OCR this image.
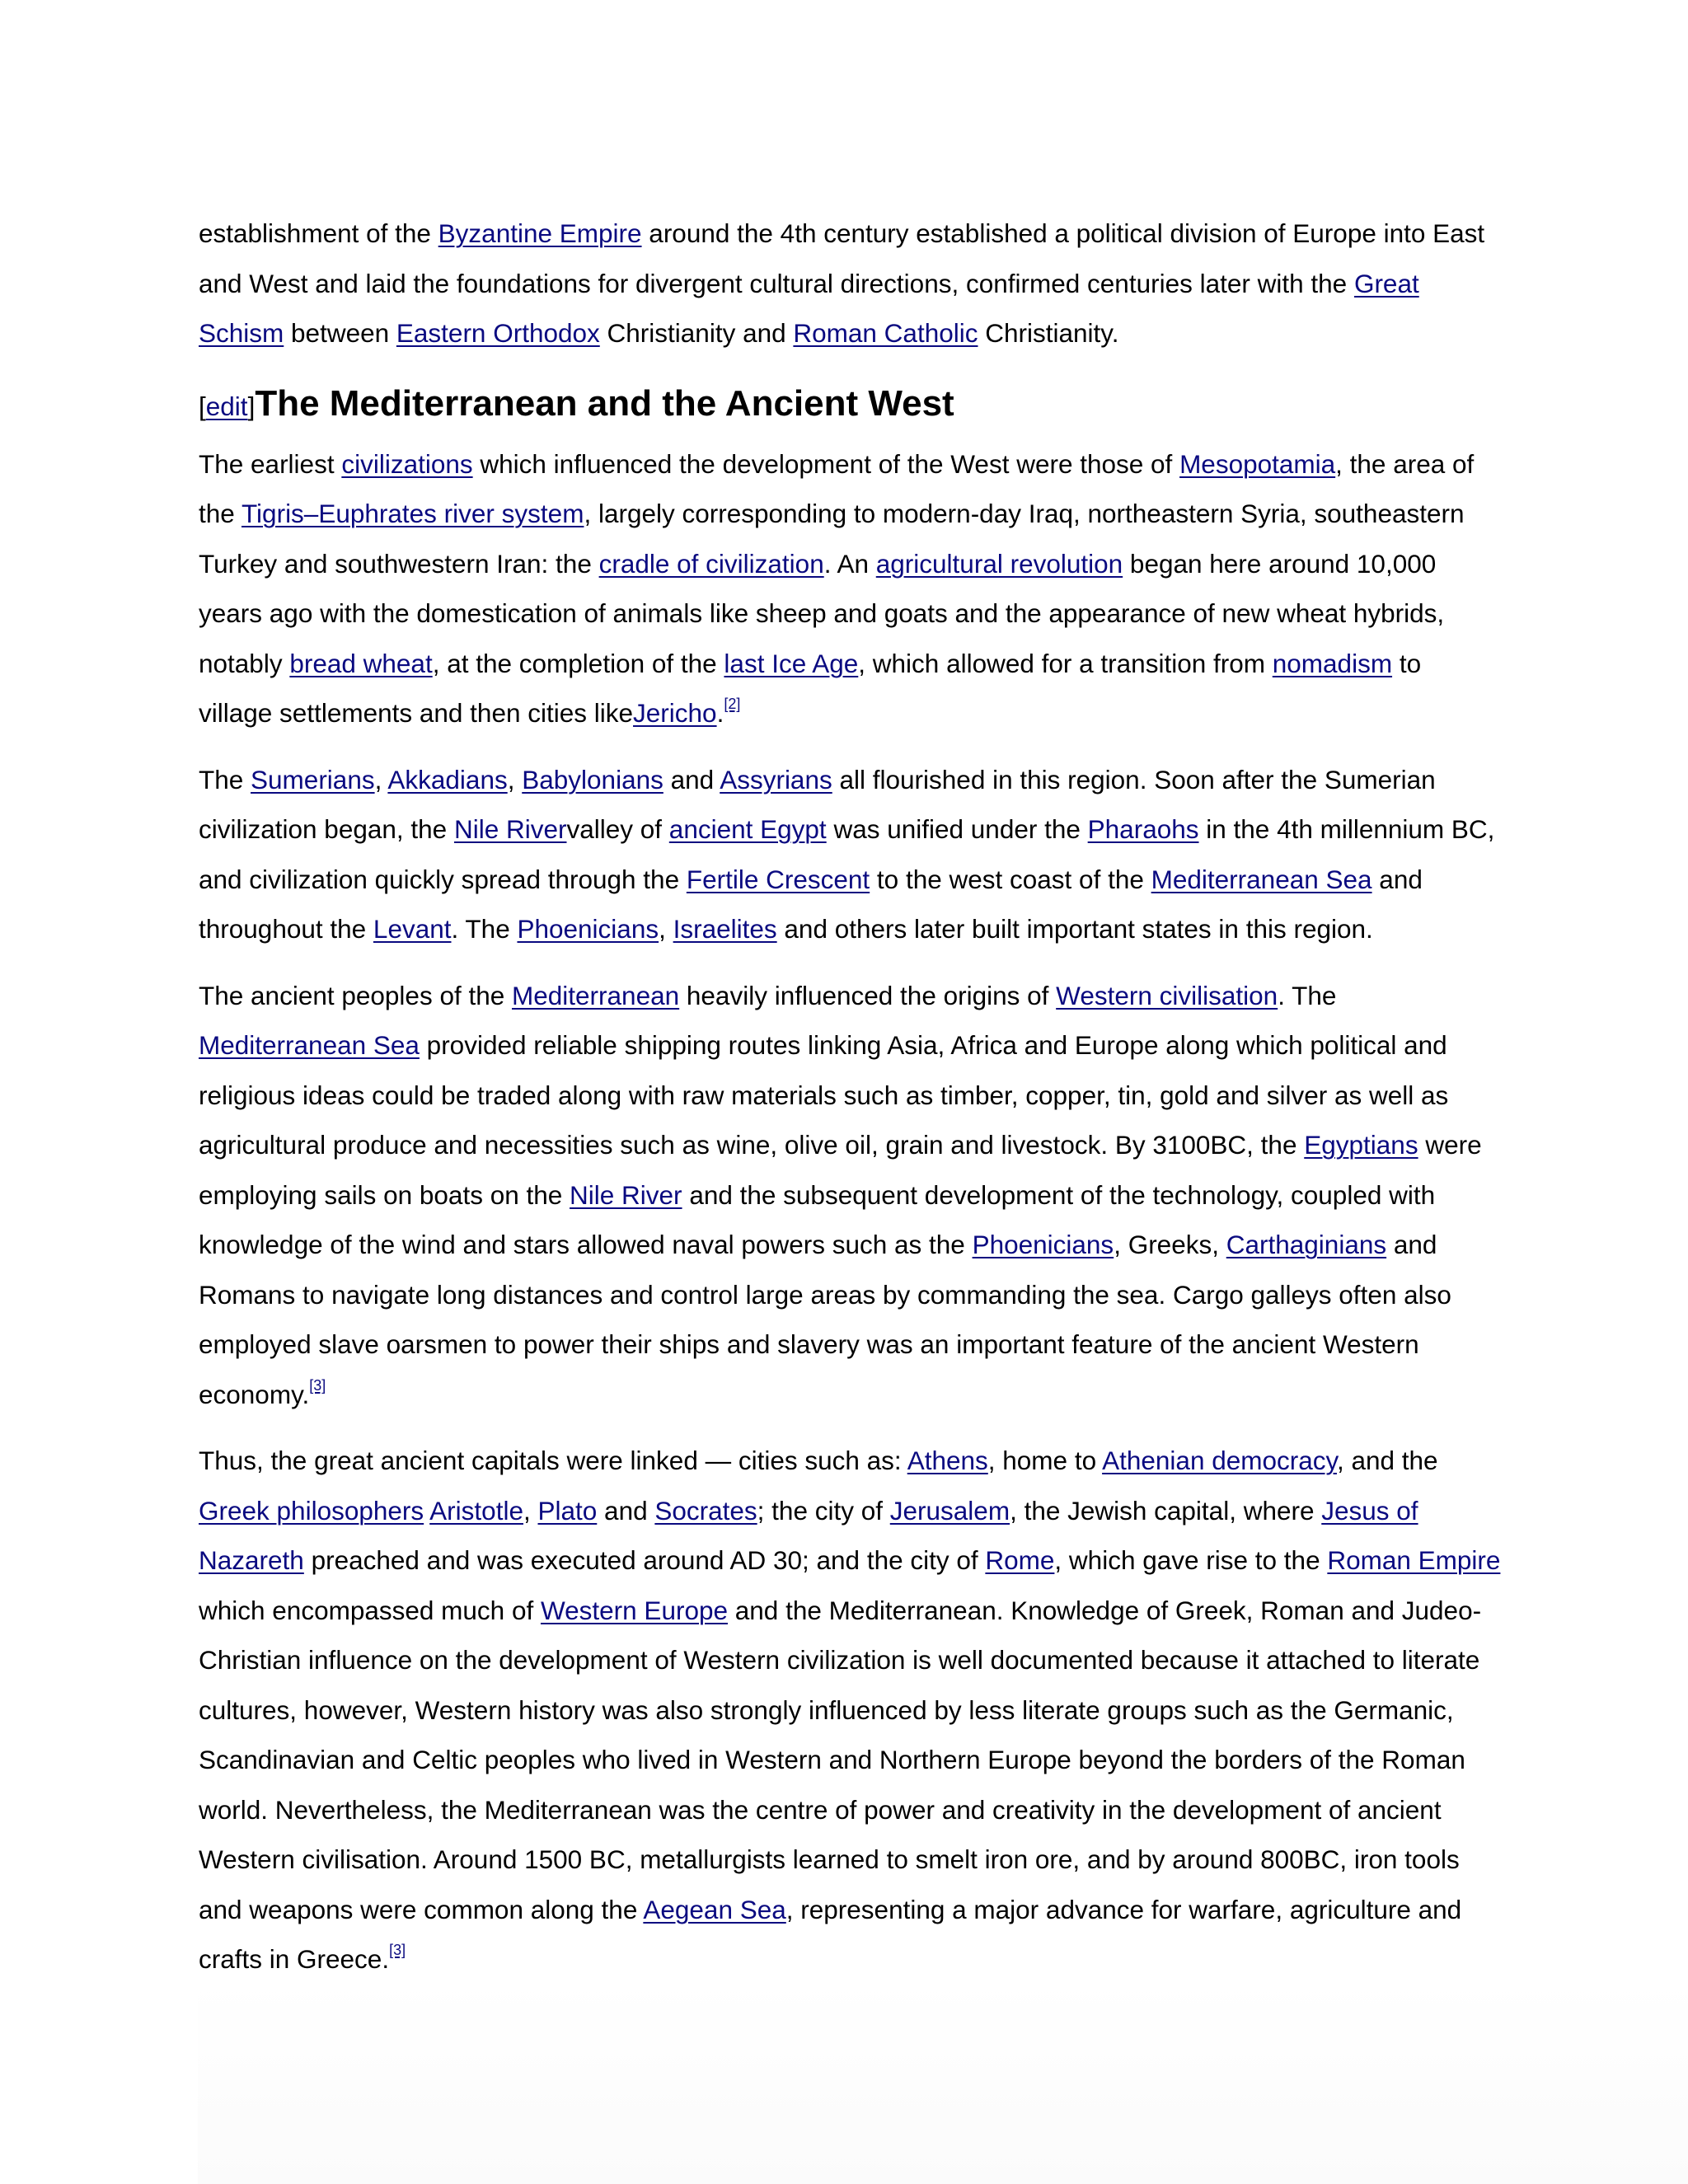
establishment of the Byzantine Empire around the 4th century established a political division of Europe into East and West and laid the foundations for divergent cultural directions, confirmed centuries later with the Great Schism between Eastern Orthodox Christianity and Roman Catholic Christianity.

[edit]The Mediterranean and the Ancient West

The earliest civilizations which influenced the development of the West were those of Mesopotamia, the area of the Tigris–Euphrates river system, largely corresponding to modern-day Iraq, northeastern Syria, southeastern Turkey and southwestern Iran: the cradle of civilization. An agricultural revolution began here around 10,000 years ago with the domestication of animals like sheep and goats and the appearance of new wheat hybrids, notably bread wheat, at the completion of the last Ice Age, which allowed for a transition from nomadism to village settlements and then cities likeJericho.[2]

The Sumerians, Akkadians, Babylonians and Assyrians all flourished in this region. Soon after the Sumerian civilization began, the Nile Rivervalley of ancient Egypt was unified under the Pharaohs in the 4th millennium BC, and civilization quickly spread through the Fertile Crescent to the west coast of the Mediterranean Sea and throughout the Levant. The Phoenicians, Israelites and others later built important states in this region.

The ancient peoples of the Mediterranean heavily influenced the origins of Western civilisation. The Mediterranean Sea provided reliable shipping routes linking Asia, Africa and Europe along which political and religious ideas could be traded along with raw materials such as timber, copper, tin, gold and silver as well as agricultural produce and necessities such as wine, olive oil, grain and livestock. By 3100BC, the Egyptians were employing sails on boats on the Nile River and the subsequent development of the technology, coupled with knowledge of the wind and stars allowed naval powers such as the Phoenicians, Greeks, Carthaginians and Romans to navigate long distances and control large areas by commanding the sea. Cargo galleys often also employed slave oarsmen to power their ships and slavery was an important feature of the ancient Western economy.[3]

Thus, the great ancient capitals were linked — cities such as: Athens, home to Athenian democracy, and the Greek philosophers Aristotle, Plato and Socrates; the city of Jerusalem, the Jewish capital, where Jesus of Nazareth preached and was executed around AD 30; and the city of Rome, which gave rise to the Roman Empire which encompassed much of Western Europe and the Mediterranean. Knowledge of Greek, Roman and Judeo-Christian influence on the development of Western civilization is well documented because it attached to literate cultures, however, Western history was also strongly influenced by less literate groups such as the Germanic, Scandinavian and Celtic peoples who lived in Western and Northern Europe beyond the borders of the Roman world. Nevertheless, the Mediterranean was the centre of power and creativity in the development of ancient Western civilisation. Around 1500 BC, metallurgists learned to smelt iron ore, and by around 800BC, iron tools and weapons were common along the Aegean Sea, representing a major advance for warfare, agriculture and crafts in Greece.[3]
